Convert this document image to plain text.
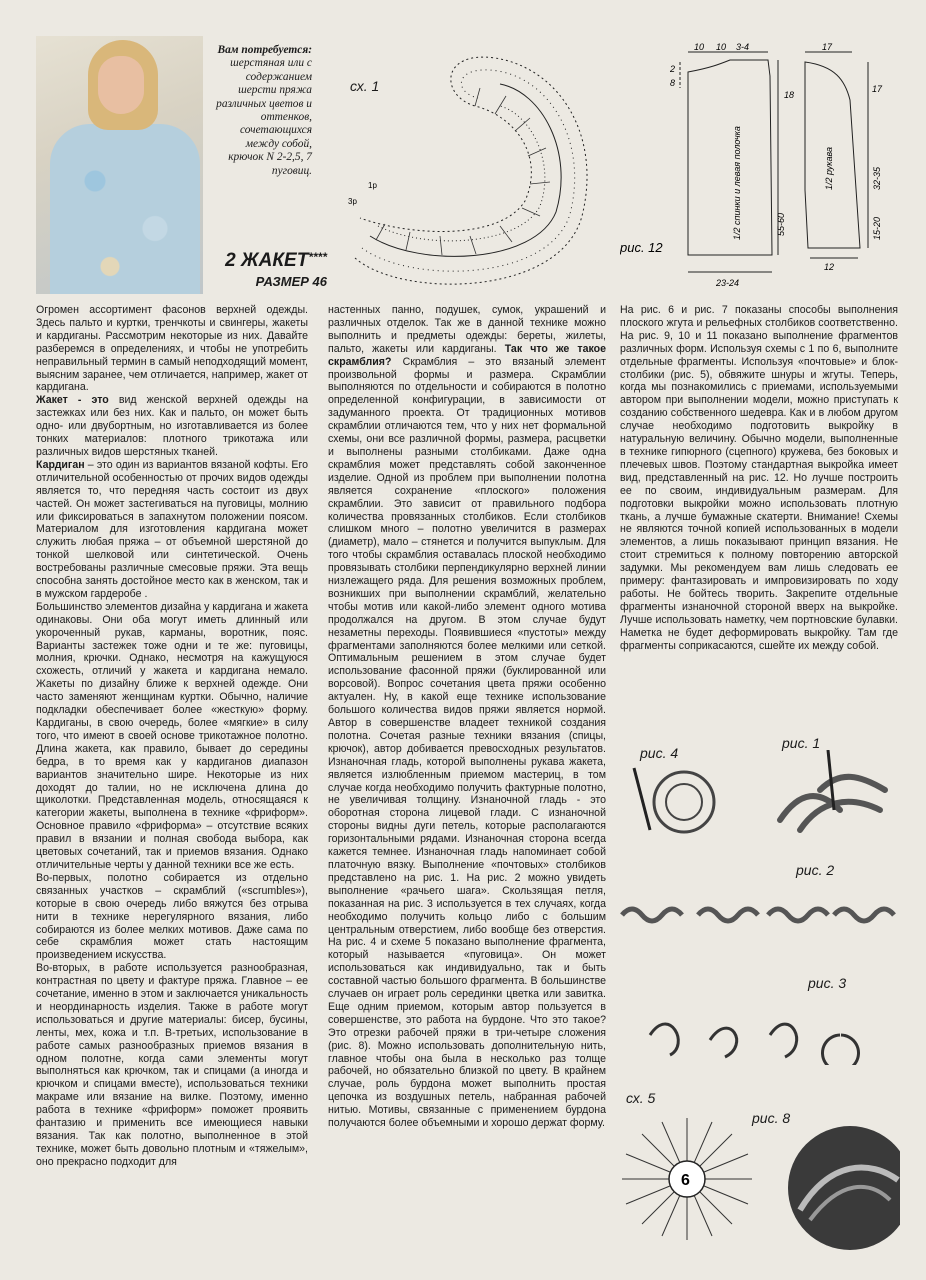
Вам потребуется:
шерстяная или с содержанием шерсти пряжа различных цветов и оттенков, сочетающихся между собой, крючок N 2-2,5, 7 пуговиц.
2 ЖАКЕТ****
РАЗМЕР 46
сх. 1
1р
3р
10 10 3-4
2
8
18
55-60
23-24
17
17
32-35
15-20
12
1/2 спинки и левая полочка	1/2 рукава
рис. 12

Огромен ассортимент фасонов верхней одежды. Здесь пальто и куртки, тренчкоты и свингеры, жакеты и кардиганы. Рассмотрим некоторые из них. Давайте разберемся в определениях, и чтобы не употребить неправильный термин в самый неподходящий момент, выясним заранее, чем отличается, например, жакет от кардигана.

Жакет - это вид женской верхней одежды на застежках или без них. Как и пальто, он может быть одно- или двубортным, но изготавливается из более тонких материалов: плотного трикотажа или различных видов шерстяных тканей.

Кардиган – это один из вариантов вязаной кофты. Его отличительной особенностью от прочих видов одежды является то, что передняя часть состоит из двух частей. Он может застегиваться на пуговицы, молнию или фиксироваться в запахнутом положении поясом. Материалом для изготовления кардигана может служить любая пряжа – от объемной шерстяной до тонкой шелковой или синтетической. Очень востребованы различные смесовые пряжи. Эта вещь способна занять достойное место как в женском, так и в мужском гардеробе .

Большинство элементов дизайна у кардигана и жакета одинаковы. Они оба могут иметь длинный или укороченный рукав, карманы, воротник, пояс. Варианты застежек тоже одни и те же: пуговицы, молния, крючки. Однако, несмотря на кажущуюся схожесть, отличий у жакета и кардигана немало. Жакеты по дизайну ближе к верхней одежде. Они часто заменяют женщинам куртки. Обычно, наличие подкладки обеспечивает более «жесткую» форму. Кардиганы, в свою очередь, более «мягкие» в силу того, что имеют в своей основе трикотажное полотно. Длина жакета, как правило, бывает до середины бедра, в то время как у кардиганов диапазон вариантов значительно шире. Некоторые из них доходят до талии, но не исключена длина до щиколотки. Представленная модель, относящаяся к категории жакеты, выполнена в технике «фриформ». Основное правило «фриформа» – отсутствие всяких правил в вязании и полная свобода выбора, как цветовых сочетаний, так и приемов вязания. Однако отличительные черты у данной техники все же есть.

Во-первых, полотно собирается из отдельно связанных участков – скрамблий («scrumbles»), которые в свою очередь либо вяжутся без отрыва нити в технике нерегулярного вязания, либо собираются из более мелких мотивов. Даже сама по себе скрамблия может стать настоящим произведением искусства.

Во-вторых, в работе используется разнообразная, контрастная по цвету и фактуре пряжа. Главное – ее сочетание, именно в этом и заключается уникальность и неординарность изделия. Также в работе могут использоваться и другие материалы: бисер, бусины, ленты, мех, кожа и т.п. В-третьих, использование в работе самых разнообразных приемов вязания в одном полотне, когда сами элементы могут выполняться как крючком, так и спицами (а иногда и крючком и спицами вместе), использоваться техники макраме или вязание на вилке. Поэтому, именно работа в технике «фриформ» поможет проявить фантазию и применить все имеющиеся навыки вязания. Так как полотно, выполненное в этой технике, может быть довольно плотным и «тяжелым», оно прекрасно подходит для

настенных панно, подушек, сумок, украшений и различных отделок. Так же в данной технике можно выполнить и предметы одежды: береты, жилеты, пальто, жакеты или кардиганы. Так что же такое скрамблия? Скрамблия – это вязаный элемент произвольной формы и размера. Скрамблии выполняются по отдельности и собираются в полотно определенной конфигурации, в зависимости от задуманного проекта. От традиционных мотивов скрамблии отличаются тем, что у них нет формальной схемы, они все различной формы, размера, расцветки и выполнены разными столбиками. Даже одна скрамблия может представлять собой законченное изделие. Одной из проблем при выполнении полотна является сохранение «плоского» положения скрамблии. Это зависит от правильного подбора количества провязанных столбиков. Если столбиков слишком много – полотно увеличится в размерах (диаметр), мало – стянется и получится выпуклым. Для того чтобы скрамблия оставалась плоской необходимо провязывать столбики перпендикулярно верхней линии низлежащего ряда. Для решения возможных проблем, возникших при выполнении скрамблий, желательно чтобы мотив или какой-либо элемент одного мотива продолжался на другом. В этом случае будут незаметны переходы. Появившиеся «пустоты» между фрагментами заполняются более мелкими или сеткой. Оптимальным решением в этом случае будет использование фасонной пряжи (буклированной или ворсовой). Вопрос сочетания цвета пряжи особенно актуален. Ну, в какой еще технике использование большого количества видов пряжи является нормой. Автор в совершенстве владеет техникой создания полотна. Сочетая разные техники вязания (спицы, крючок), автор добивается превосходных результатов. Изнаночная гладь, которой выполнены рукава жакета, является излюбленным приемом мастериц, в том случае когда необходимо получить фактурные полотно, не увеличивая толщину. Изнаночной гладь - это оборотная сторона лицевой глади. С изнаночной стороны видны дуги петель, которые располагаются горизонтальными рядами. Изнаночная сторона всегда кажется темнее. Изнаночная гладь напоминает собой платочную вязку. Выполнение «почтовых» столбиков представлено на рис. 1. На рис. 2 можно увидеть выполнение «рачьего шага». Скользящая петля, показанная на рис. 3 используется в тех случаях, когда необходимо получить кольцо либо с большим центральным отверстием, либо вообще без отверстия. На рис. 4 и схеме 5 показано выполнение фрагмента, который называется «пуговица». Он может использоваться как индивидуально, так и быть составной частью большого фрагмента. В большинстве случаев он играет роль серединки цветка или завитка. Еще одним приемом, которым автор пользуется в совершенстве, это работа на бурдоне. Что это такое? Это отрезки рабочей пряжи в три-четыре сложения (рис. 8). Можно использовать дополнительную нить, главное чтобы она была в несколько раз толще рабочей, но обязательно близкой по цвету. В крайнем случае, роль бурдона может выполнить простая цепочка из воздушных петель, набранная рабочей нитью. Мотивы, связанные с применением бурдона получаются более объемными и хорошо держат форму.

На рис. 6 и рис. 7 показаны способы выполнения плоского жгута и рельефных столбиков соответственно. На рис. 9, 10 и 11 показано выполнение фрагментов различных форм. Используя схемы с 1 по 6, выполните отдельные фрагменты. Используя «почтовые» и блок-столбики (рис. 5), обвяжите шнуры и жгуты. Теперь, когда мы познакомились с приемами, используемыми автором при выполнении модели, можно приступать к созданию собственного шедевра. Как и в любом другом случае необходимо подготовить выкройку в натуральную величину. Обычно модели, выполненные в технике гипюрного (сцепного) кружева, без боковых и плечевых швов. Поэтому стандартная выкройка имеет вид, представленный на рис. 12. Но лучше построить ее по своим, индивидуальным размерам. Для подготовки выкройки можно использовать плотную ткань, а лучше бумажные скатерти. Внимание! Схемы не являются точной копией использованных в модели элементов, а лишь показывают принцип вязания. Не стоит стремиться к полному повторению авторской задумки. Мы рекомендуем вам лишь следовать ее примеру: фантазировать и импровизировать по ходу работы. Не бойтесь творить. Закрепите отдельные фрагменты изнаночной стороной вверх на выкройке. Лучше использовать наметку, чем портновские булавки. Наметка не будет деформировать выкройку. Там где фрагменты соприкасаются, сшейте их между собой.

рис. 4
рис. 1
рис. 2
рис. 3
сх. 5
6
рис. 8
